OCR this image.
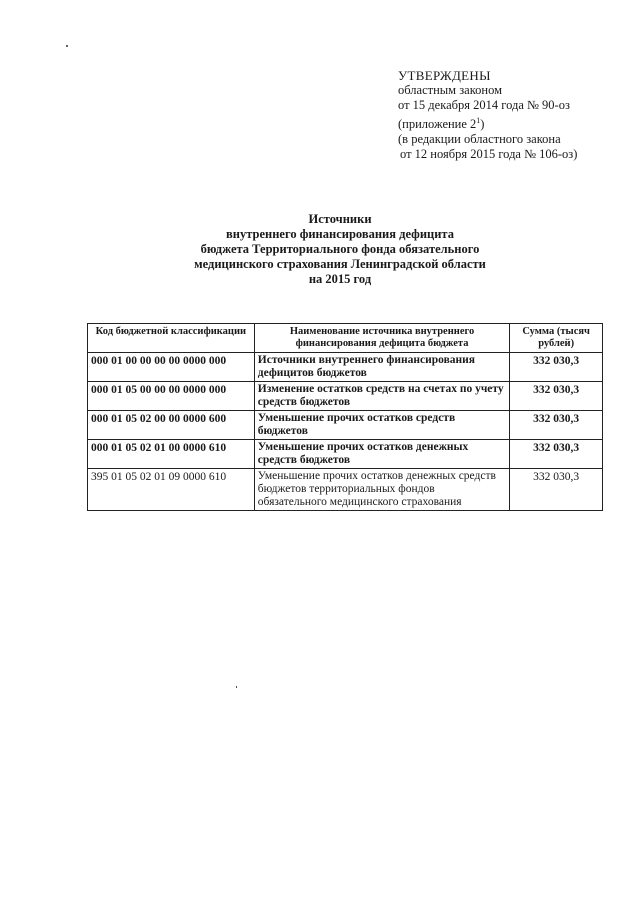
УТВЕРЖДЕНЫ
областным законом
от 15 декабря 2014 года № 90-оз
(приложение $2^1$)
(в редакции областного закона
от 12 ноября 2015 года № 106-оз)
Источники
внутреннего финансирования дефицита
бюджета Территориального фонда обязательного
медицинского страхования Ленинградской области
на 2015 год
Код бюджетной классификации	Наименование источника внутреннего финансирования дефицита бюджета	Сумма (тысяч рублей)
000 01 00 00 00 00 0000 000	Источники внутреннего финансирования дефицитов бюджетов	332 030,3
000 01 05 00 00 00 0000 000	Изменение остатков средств на счетах по учету средств бюджетов	332 030,3
000 01 05 02 00 00 0000 600	Уменьшение прочих остатков средств бюджетов	332 030,3
000 01 05 02 01 00 0000 610	Уменьшение прочих остатков денежных средств бюджетов	332 030,3
395 01 05 02 01 09 0000 610	Уменьшение прочих остатков денежных средств бюджетов территориальных фондов обязательного медицинского страхования	332 030,3
